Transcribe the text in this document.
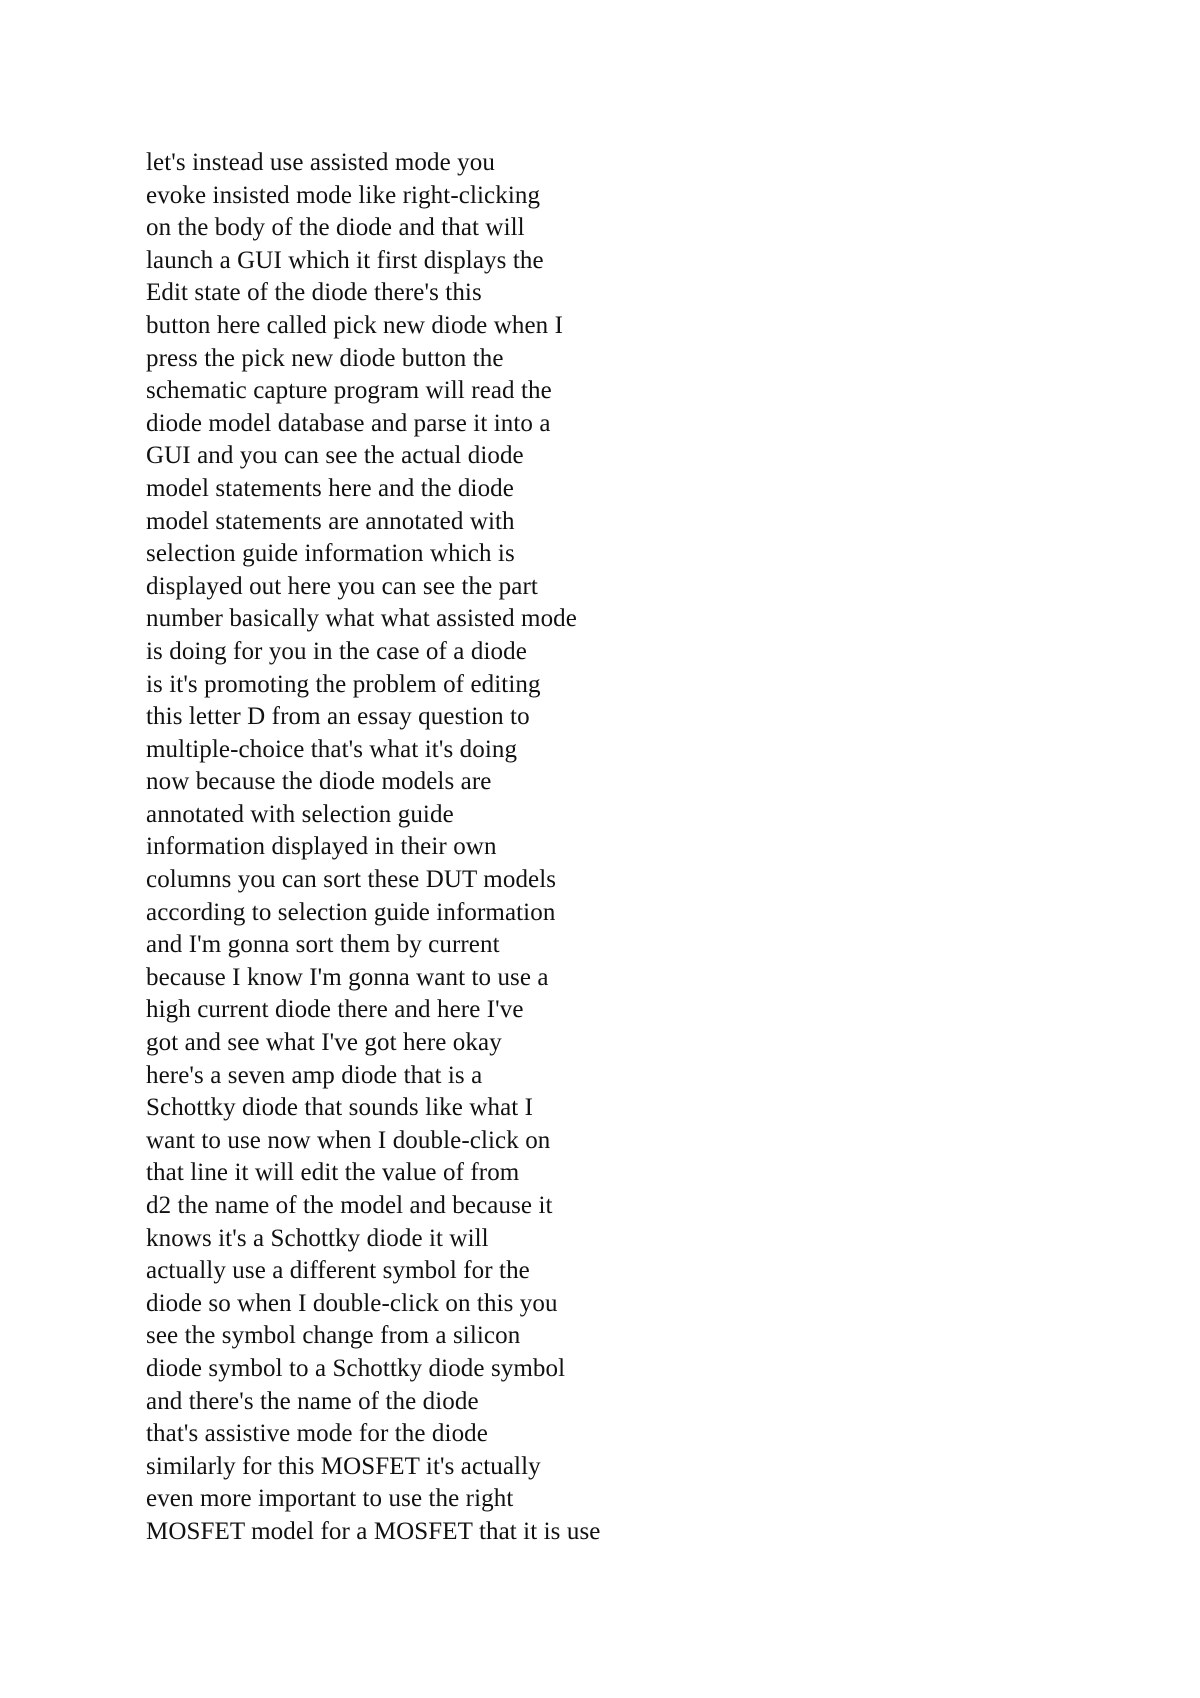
let's instead use assisted mode you
evoke insisted mode like right-clicking
on the body of the diode and that will
launch a GUI which it first displays the
Edit state of the diode there's this
button here called pick new diode when I
press the pick new diode button the
schematic capture program will read the
diode model database and parse it into a
GUI and you can see the actual diode
model statements here and the diode
model statements are annotated with
selection guide information which is
displayed out here you can see the part
number basically what what assisted mode
is doing for you in the case of a diode
is it's promoting the problem of editing
this letter D from an essay question to
multiple-choice that's what it's doing
now because the diode models are
annotated with selection guide
information displayed in their own
columns you can sort these DUT models
according to selection guide information
and I'm gonna sort them by current
because I know I'm gonna want to use a
high current diode there and here I've
got and see what I've got here okay
here's a seven amp diode that is a
Schottky diode that sounds like what I
want to use now when I double-click on
that line it will edit the value of from
d2 the name of the model and because it
knows it's a Schottky diode it will
actually use a different symbol for the
diode so when I double-click on this you
see the symbol change from a silicon
diode symbol to a Schottky diode symbol
and there's the name of the diode
that's assistive mode for the diode
similarly for this MOSFET it's actually
even more important to use the right
MOSFET model for a MOSFET that it is use
